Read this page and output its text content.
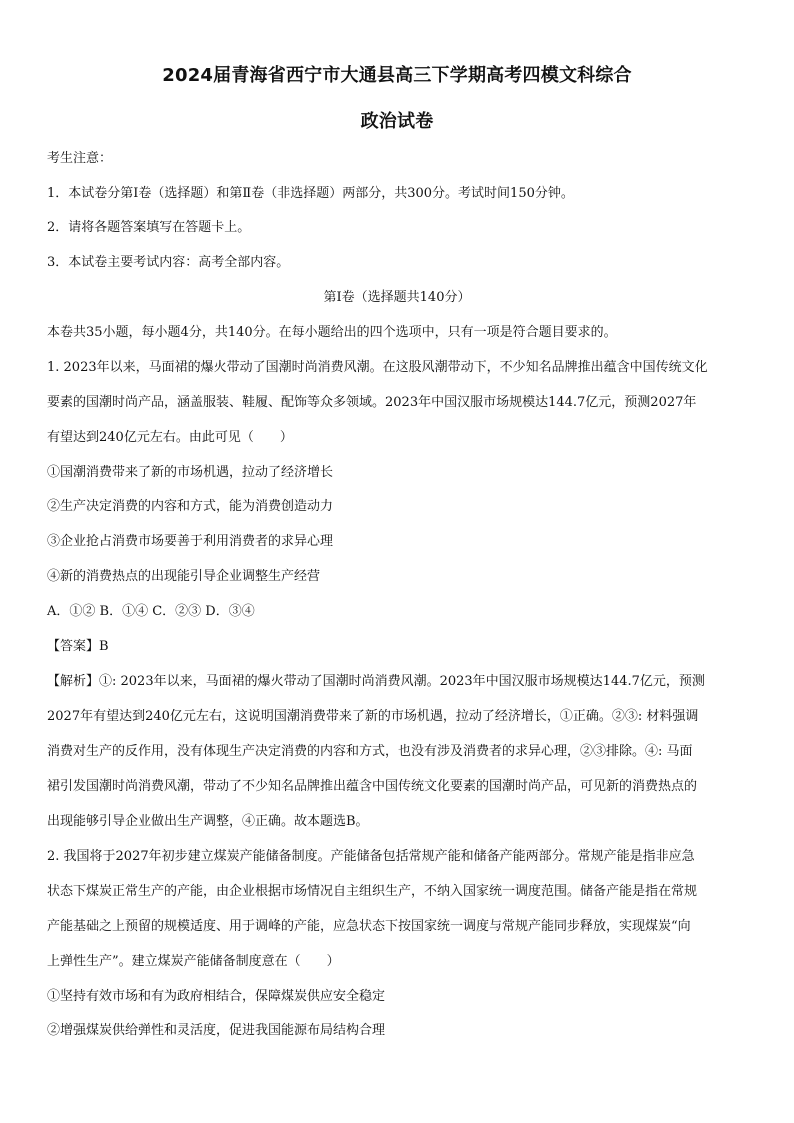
2024届青海省西宁市大通县高三下学期高考四模文科综合
政治试卷
考生注意：
1．本试卷分第Ⅰ卷（选择题）和第Ⅱ卷（非选择题）两部分，共300分。考试时间150分钟。
2．请将各题答案填写在答题卡上。
3．本试卷主要考试内容：高考全部内容。
第Ⅰ卷（选择题共140分）
本卷共35小题，每小题4分，共140分。在每小题给出的四个选项中，只有一项是符合题目要求的。
1. 2023年以来，马面裙的爆火带动了国潮时尚消费风潮。在这股风潮带动下，不少知名品牌推出蕴含中国传统文化
要素的国潮时尚产品，涵盖服装、鞋履、配饰等众多领域。2023年中国汉服市场规模达144.7亿元，预测2027年
有望达到240亿元左右。由此可见（　　）
①国潮消费带来了新的市场机遇，拉动了经济增长
②生产决定消费的内容和方式，能为消费创造动力
③企业抢占消费市场要善于利用消费者的求异心理
④新的消费热点的出现能引导企业调整生产经营
A．①② B．①④ C．②③ D．③④
【答案】B
【解析】①: 2023年以来，马面裙的爆火带动了国潮时尚消费风潮。2023年中国汉服市场规模达144.7亿元，预测
2027年有望达到240亿元左右，这说明国潮消费带来了新的市场机遇，拉动了经济增长，①正确。②③: 材料强调
消费对生产的反作用，没有体现生产决定消费的内容和方式，也没有涉及消费者的求异心理，②③排除。④: 马面
裙引发国潮时尚消费风潮，带动了不少知名品牌推出蕴含中国传统文化要素的国潮时尚产品，可见新的消费热点的
出现能够引导企业做出生产调整，④正确。故本题选B。
2. 我国将于2027年初步建立煤炭产能储备制度。产能储备包括常规产能和储备产能两部分。常规产能是指非应急
状态下煤炭正常生产的产能，由企业根据市场情况自主组织生产，不纳入国家统一调度范围。储备产能是指在常规
产能基础之上预留的规模适度、用于调峰的产能，应急状态下按国家统一调度与常规产能同步释放，实现煤炭“向
上弹性生产”。建立煤炭产能储备制度意在（　　）
①坚持有效市场和有为政府相结合，保障煤炭供应安全稳定
②增强煤炭供给弹性和灵活度，促进我国能源布局结构合理
